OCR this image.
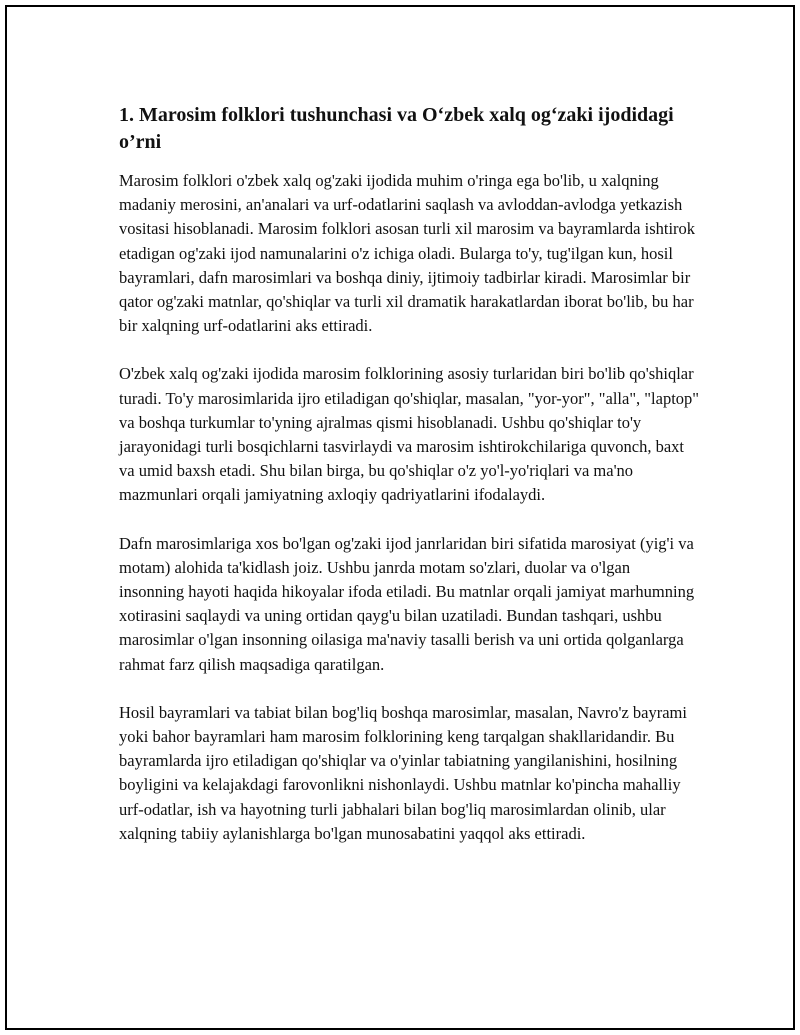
1. Marosim folklori tushunchasi va O‘zbek xalq og‘zaki ijodidagi o’rni

Marosim folklori o'zbek xalq og'zaki ijodida muhim o'ringa ega bo'lib, u xalqning madaniy merosini, an'analari va urf-odatlarini saqlash va avloddan-avlodga yetkazish vositasi hisoblanadi. Marosim folklori asosan turli xil marosim va bayramlarda ishtirok etadigan og'zaki ijod namunalarini o'z ichiga oladi. Bularga to'y, tug'ilgan kun, hosil bayramlari, dafn marosimlari va boshqa diniy, ijtimoiy tadbirlar kiradi. Marosimlar bir qator og'zaki matnlar, qo'shiqlar va turli xil dramatik harakatlardan iborat bo'lib, bu har bir xalqning urf-odatlarini aks ettiradi.

O'zbek xalq og'zaki ijodida marosim folklorining asosiy turlaridan biri bo'lib qo'shiqlar turadi. To'y marosimlarida ijro etiladigan qo'shiqlar, masalan, "yor-yor", "alla", "laptop" va boshqa turkumlar to'yning ajralmas qismi hisoblanadi. Ushbu qo'shiqlar to'y jarayonidagi turli bosqichlarni tasvirlaydi va marosim ishtirokchilariga quvonch, baxt va umid baxsh etadi. Shu bilan birga, bu qo'shiqlar o'z yo'l-yo'riqlari va ma'no mazmunlari orqali jamiyatning axloqiy qadriyatlarini ifodalaydi.

Dafn marosimlariga xos bo'lgan og'zaki ijod janrlaridan biri sifatida marosiyat (yig'i va motam) alohida ta'kidlash joiz. Ushbu janrda motam so'zlari, duolar va o'lgan insonning hayoti haqida hikoyalar ifoda etiladi. Bu matnlar orqali jamiyat marhumning xotirasini saqlaydi va uning ortidan qayg'u bilan uzatiladi. Bundan tashqari, ushbu marosimlar o'lgan insonning oilasiga ma'naviy tasalli berish va uni ortida qolganlarga rahmat farz qilish maqsadiga qaratilgan.

Hosil bayramlari va tabiat bilan bog'liq boshqa marosimlar, masalan, Navro'z bayrami yoki bahor bayramlari ham marosim folklorining keng tarqalgan shakllaridandir. Bu bayramlarda ijro etiladigan qo'shiqlar va o'yinlar tabiatning yangilanishini, hosilning boyligini va kelajakdagi farovonlikni nishonlaydi. Ushbu matnlar ko'pincha mahalliy urf-odatlar, ish va hayotning turli jabhalari bilan bog'liq marosimlardan olinib, ular xalqning tabiiy aylanishlarga bo'lgan munosabatini yaqqol aks ettiradi.
